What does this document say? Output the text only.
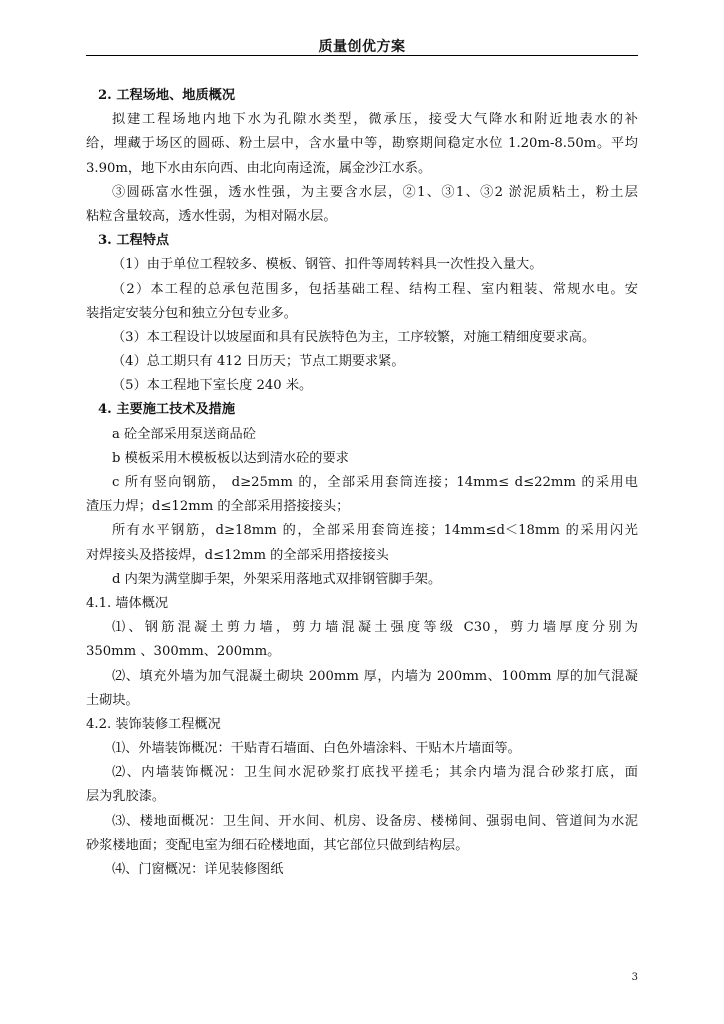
质量创优方案
2. 工程场地、地质概况
拟建工程场地内地下水为孔隙水类型，微承压，接受大气降水和附近地表水的补
给，埋藏于场区的圆砾、粉土层中，含水量中等，勘察期间稳定水位 1.20m-8.50m。平均
3.90m，地下水由东向西、由北向南迳流，属金沙江水系。
③圆砾富水性强，透水性强，为主要含水层，②1、③1、③2 淤泥质粘土，粉土层
粘粒含量较高，透水性弱，为相对隔水层。
3. 工程特点
（1）由于单位工程较多、模板、钢管、扣件等周转料具一次性投入量大。
（2）本工程的总承包范围多，包括基础工程、结构工程、室内粗装、常规水电。安
装指定安装分包和独立分包专业多。
（3）本工程设计以坡屋面和具有民族特色为主，工序较繁，对施工精细度要求高。
（4）总工期只有 412 日历天；节点工期要求紧。
（5）本工程地下室长度 240 米。
4. 主要施工技术及措施
a 砼全部采用泵送商品砼
b 模板采用木模板板以达到清水砼的要求
c 所有竖向钢筋， d≥25mm 的，全部采用套筒连接；14mm≤ d≤22mm 的采用电
渣压力焊；d≤12mm 的全部采用搭接接头；
所有水平钢筋，d≥18mm 的，全部采用套筒连接；14mm≤d＜18mm 的采用闪光
对焊接头及搭接焊，d≤12mm 的全部采用搭接接头
d 内架为满堂脚手架，外架采用落地式双排钢管脚手架。
4.1. 墙体概况
⑴、钢筋混凝土剪力墙，剪力墙混凝土强度等级 C30，剪力墙厚度分别为
350mm 、300mm、200mm。
⑵、填充外墙为加气混凝土砌块 200mm 厚，内墙为 200mm、100mm 厚的加气混凝
土砌块。
4.2. 装饰装修工程概况
⑴、外墙装饰概况：干贴青石墙面、白色外墙涂料、干贴木片墙面等。
⑵、内墙装饰概况：卫生间水泥砂浆打底找平搓毛；其余内墙为混合砂浆打底，面
层为乳胶漆。
⑶、楼地面概况：卫生间、开水间、机房、设备房、楼梯间、强弱电间、管道间为水泥
砂浆楼地面；变配电室为细石砼楼地面，其它部位只做到结构层。
⑷、门窗概况：详见装修图纸
3
